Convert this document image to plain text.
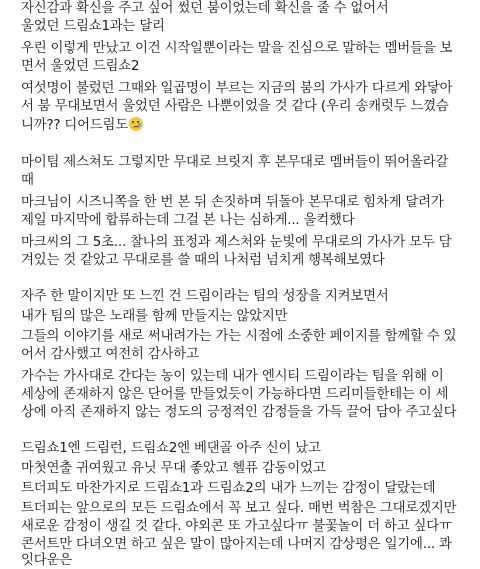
자신감과 확신을 주고 싶어 썼던 붐이었는데 확신을 줄 수 없어서
울었던 드림쇼1과는 달리
우린 이렇게 만났고 이건 시작일뿐이라는 말을 진심으로 말하는 멤버들을 보
면서 울었던 드림쇼2
여섯명이 불렀던 그때와 일곱명이 부르는 지금의 붐의 가사가 다르게 와닿아
서 붐 무대보면서 울었던 사람은 나뿐이었을 것 같다 (우리 송캐럿두 느꼈슴
니까?? 디어드림도
마이팀 제스쳐도 그렇지만 무대로 브릿지 후 본무대로 멤버들이 뛰어올라갈
때
마크님이 시즈니쪽을 한 번 본 뒤 손짓하며 뒤돌아 본무대로 힘차게 달려가
제일 마지막에 합류하는데 그걸 본 나는 심하게... 울컥했다
마크씨의 그 5초... 찰나의 표정과 제스처와 눈빛에 무대로의 가사가 모두 담
겨있는 것 같았고 무대로를 쓸 때의 나처럼 넘치게 행복해보였다
자주 한 말이지만 또 느낀 건 드림이라는 팀의 성장을 지켜보면서
내가 팀의 많은 노래를 함께 만들지는 않았지만
그들의 이야기를 새로 써내려가는 가는 시점에 소중한 페이지를 함께할 수 있
어서 감사했고 여전히 감사하고
가수는 가사대로 간다는 농이 있는데 내가 엔시티 드림이라는 팀을 위해 이
세상에 존재하지 않은 단어를 만들었듯이 가능하다면 드리미들한테는 이 세
상에 아직 존재하지 않는 정도의 긍정적인 감정들을 가득 끌어 담아 주고싶다
드림쇼1엔 드림런, 드림쇼2엔 베댄골 아주 신이 났고
마첫연출 귀여웠고 유닛 무대 좋았고 헬퓨 감동이었고
트더피도 마찬가지로 드림쇼1과 드림쇼2의 내가 느끼는 감정이 달랐는데
트더피는 앞으로의 모든 드림쇼에서 꼭 보고 싶다. 매번 벅참은 그대로겠지만
새로운 감정이 생길 것 같다. 야외콘 또 가고싶다ㅠ 불꽃놀이 더 하고 싶다ㅠ
콘서트만 다녀오면 하고 싶은 말이 많아지는데 나머지 감상평은 일기에... 콰
잇다운은
